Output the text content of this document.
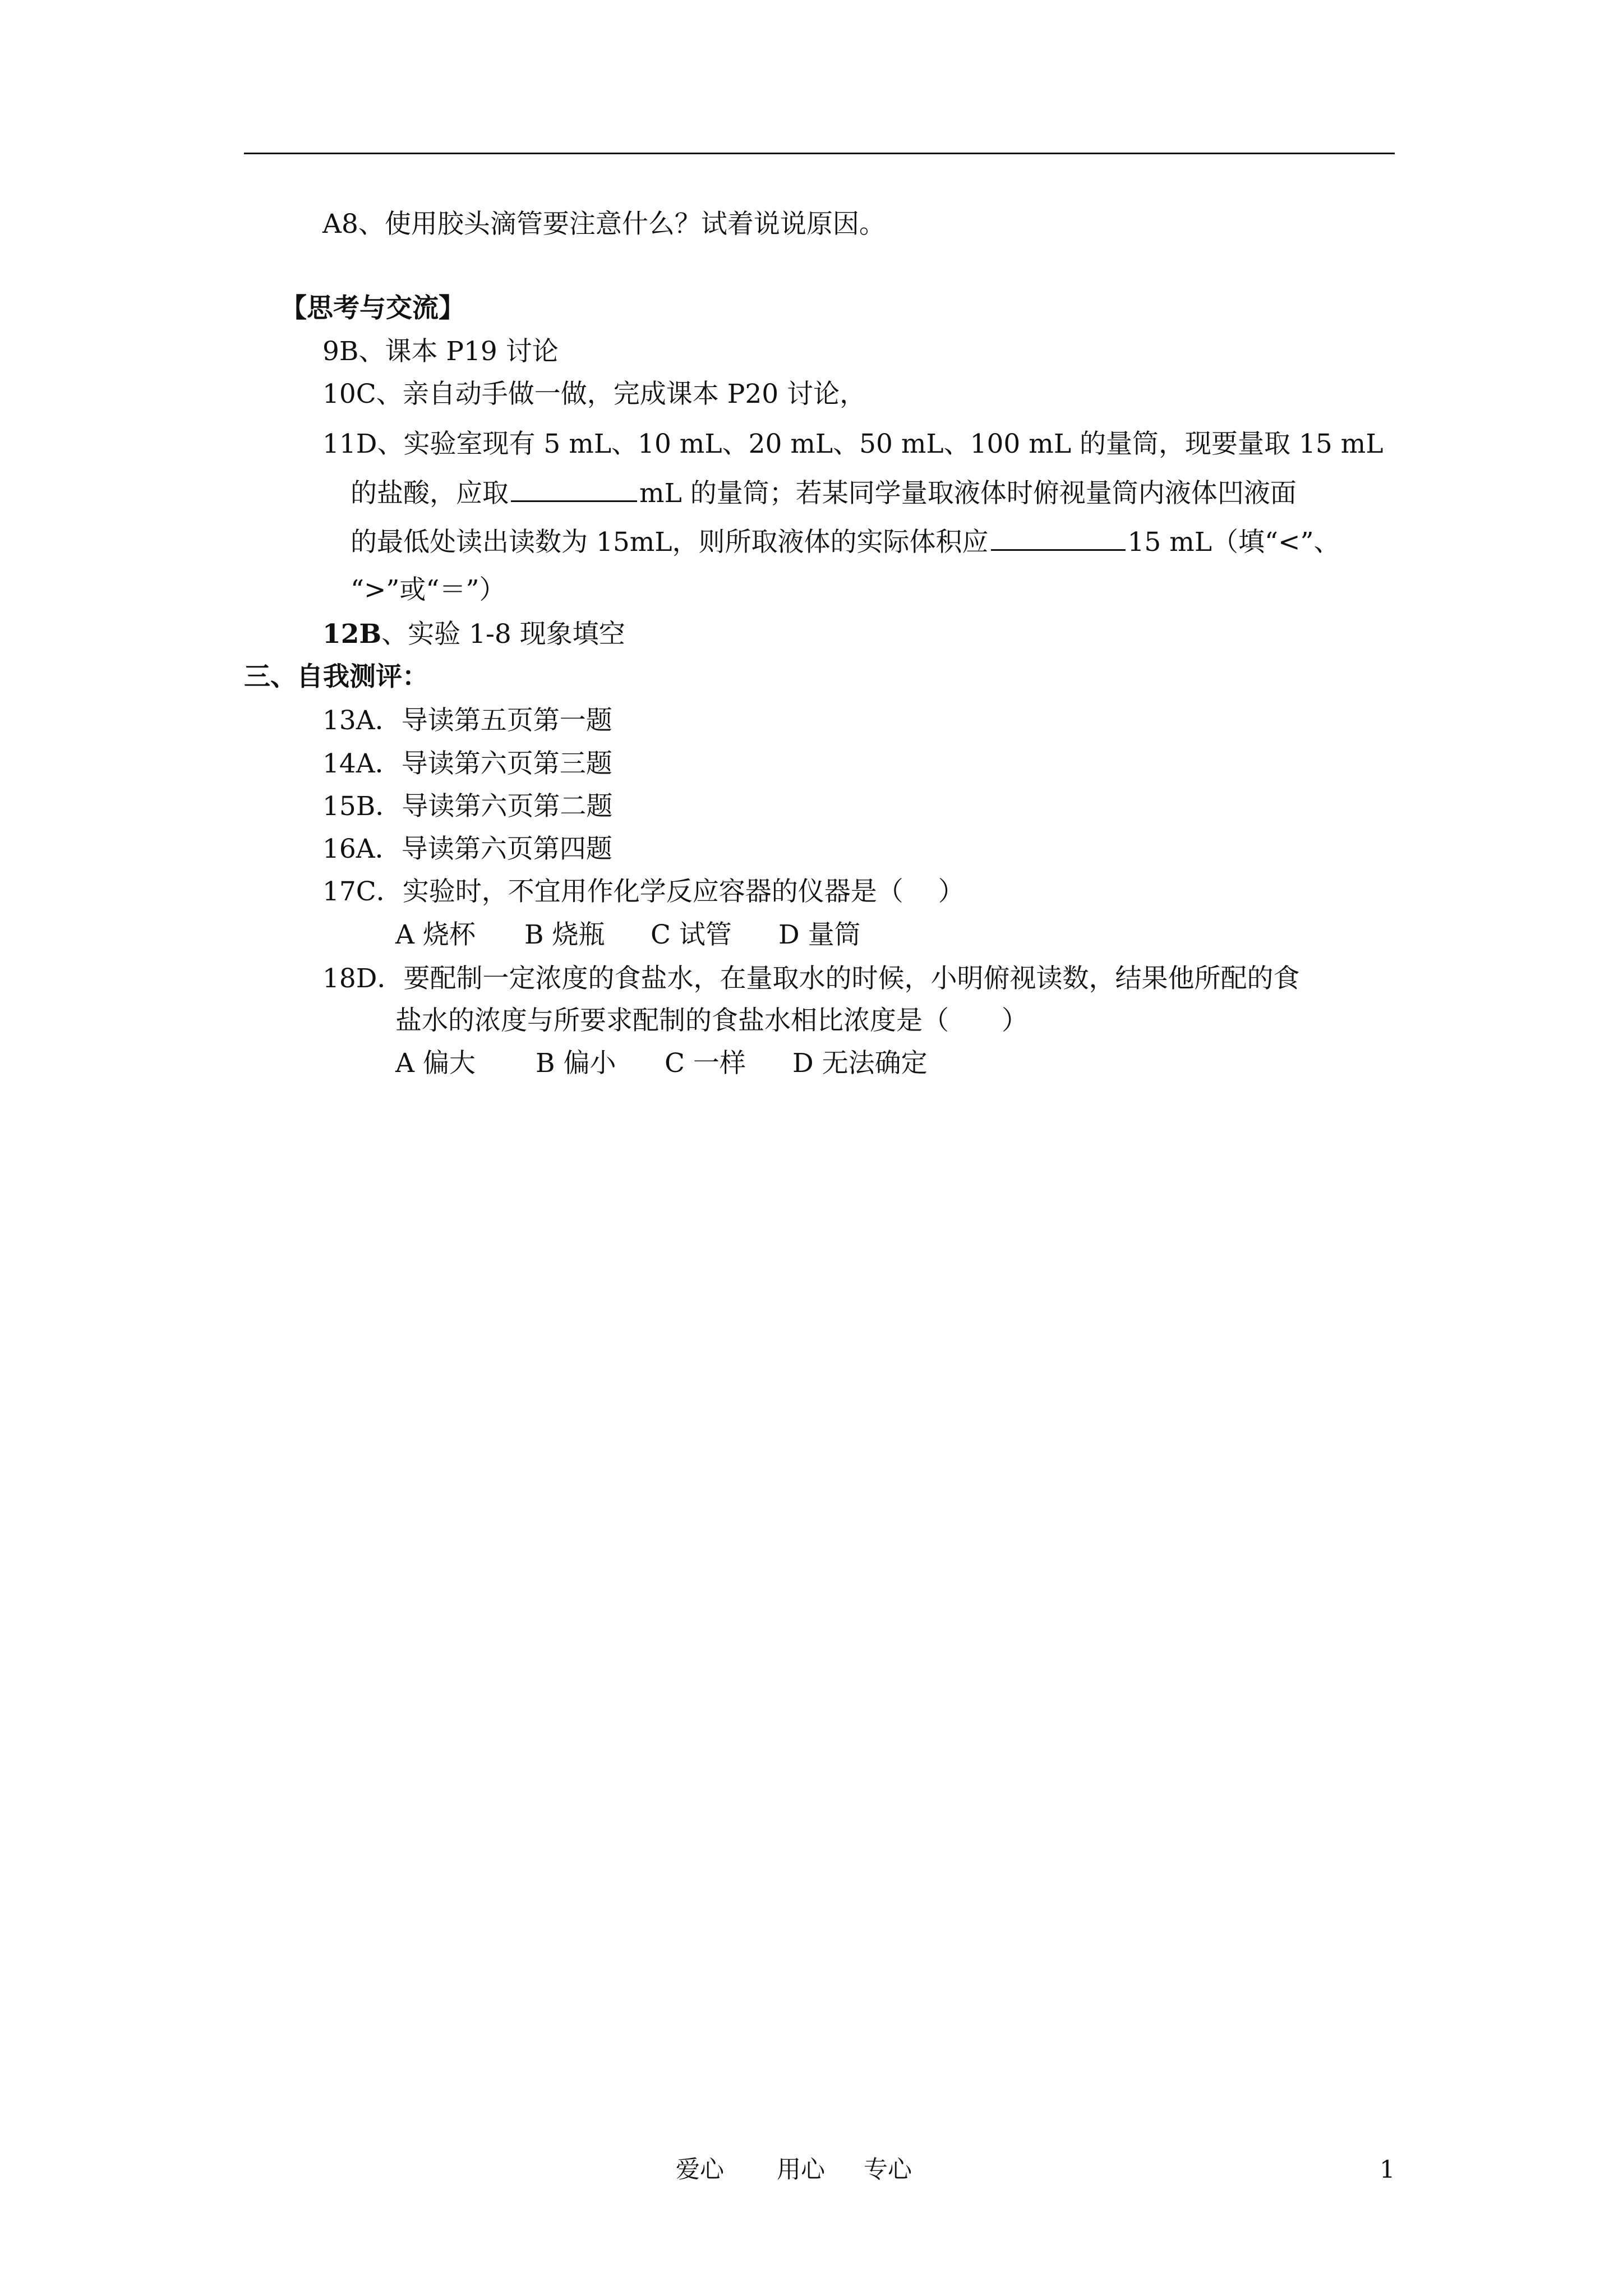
A8、使用胶头滴管要注意什么？试着说说原因。
【思考与交流】
9B、课本 P19 讨论
10C、亲自动手做一做，完成课本 P20 讨论，
11D、实验室现有 5 mL、10 mL、20 mL、50 mL、100 mL 的量筒，现要量取 15 mL
的盐酸，应取	mL 的量筒；若某同学量取液体时俯视量筒内液体凹液面
的最低处读出读数为 15mL，则所取液体的实际体积应	15 mL（填“<”、
“>”或“＝”）
12B、实验 1-8 现象填空
三、自我测评：
13A．导读第五页第一题
14A．导读第六页第三题
15B．导读第六页第二题
16A．导读第六页第四题
17C．实验时，不宜用作化学反应容器的仪器是（　 ）
A 烧杯 B 烧瓶 C 试管 D 量筒
18D．要配制一定浓度的食盐水，在量取水的时候，小明俯视读数，结果他所配的食
盐水的浓度与所要求配制的食盐水相比浓度是（　　）
A 偏大 B 偏小 C 一样 D 无法确定
爱心 用心 专心	1
